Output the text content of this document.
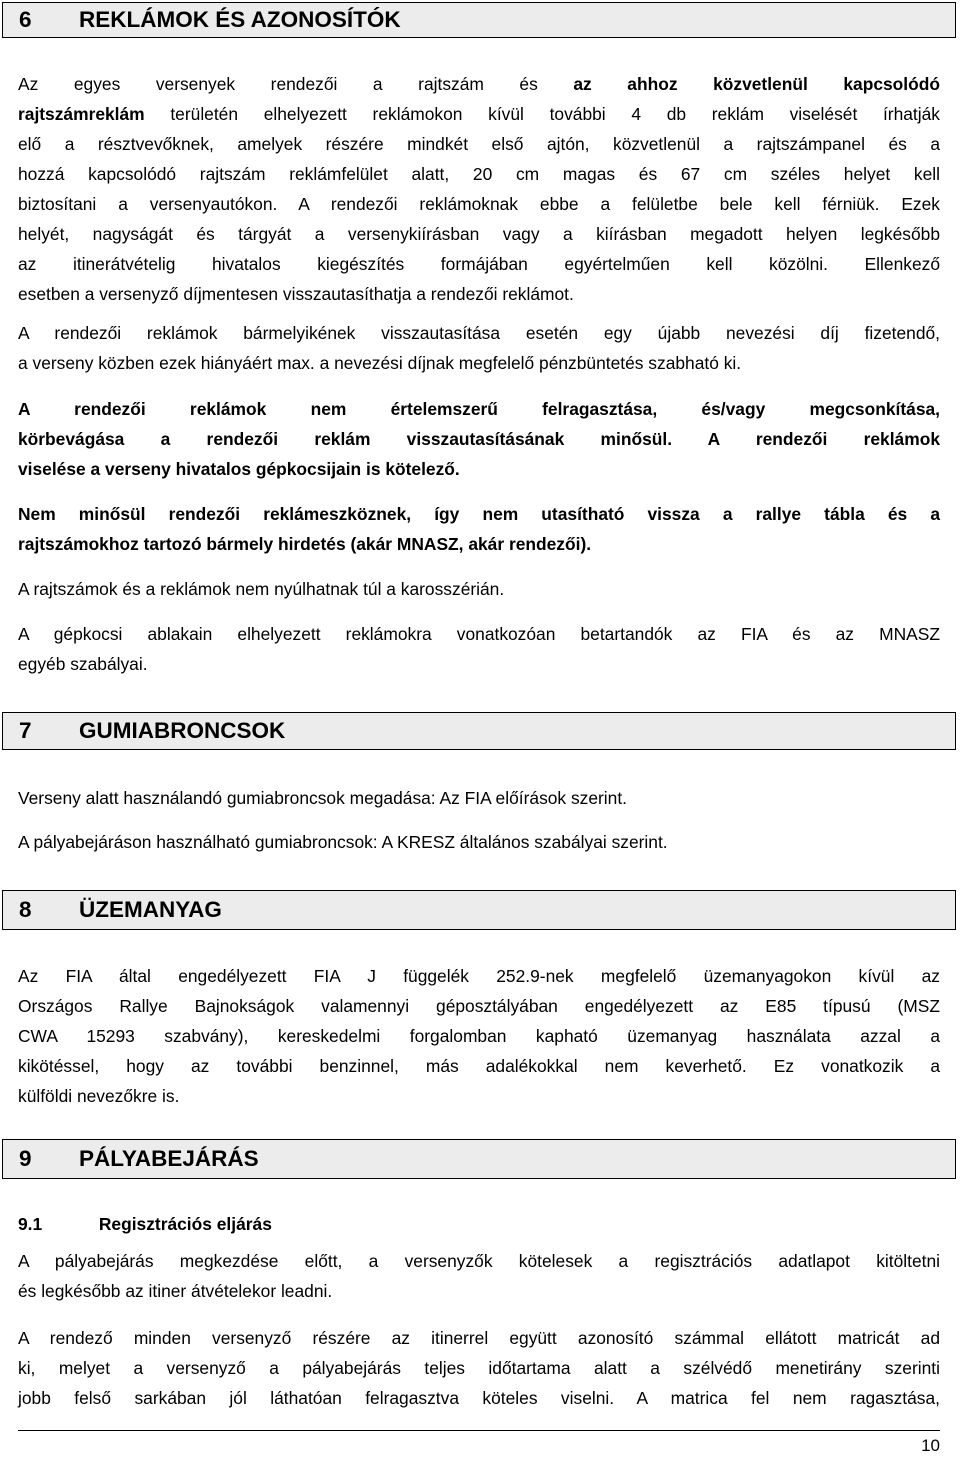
6	REKLÁMOK ÉS AZONOSÍTÓK
Az egyes versenyek rendezői a rajtszám és az ahhoz közvetlenül kapcsolódó
rajtszámreklám területén elhelyezett reklámokon kívül további 4 db reklám viselését írhatják
elő a résztvevőknek, amelyek részére mindkét első ajtón, közvetlenül a rajtszámpanel és a
hozzá kapcsolódó rajtszám reklámfelület alatt, 20 cm magas és 67 cm széles helyet kell
biztosítani a versenyautókon. A rendezői reklámoknak ebbe a felületbe bele kell férniük. Ezek
helyét, nagyságát és tárgyát a versenykiírásban vagy a kiírásban megadott helyen legkésőbb
az itinerátvételig hivatalos kiegészítés formájában egyértelműen kell közölni. Ellenkező
esetben a versenyző díjmentesen visszautasíthatja a rendezői reklámot.
A rendezői reklámok bármelyikének visszautasítása esetén egy újabb nevezési díj fizetendő,
a verseny közben ezek hiányáért max. a nevezési díjnak megfelelő pénzbüntetés szabható ki.
A rendezői reklámok nem értelemszerű felragasztása, és/vagy megcsonkítása,
körbevágása a rendezői reklám visszautasításának minősül. A rendezői reklámok
viselése a verseny hivatalos gépkocsijain is kötelező.
Nem minősül rendezői reklámeszköznek, így nem utasítható vissza a rallye tábla és a
rajtszámokhoz tartozó bármely hirdetés (akár MNASZ, akár rendezői).
A rajtszámok és a reklámok nem nyúlhatnak túl a karosszérián.
A gépkocsi ablakain elhelyezett reklámokra vonatkozóan betartandók az FIA és az MNASZ
egyéb szabályai.
7	GUMIABRONCSOK
Verseny alatt használandó gumiabroncsok megadása: Az FIA előírások szerint.
A pályabejáráson használható gumiabroncsok: A KRESZ általános szabályai szerint.
8	ÜZEMANYAG
Az FIA által engedélyezett FIA J függelék 252.9-nek megfelelő üzemanyagokon kívül az
Országos Rallye Bajnokságok valamennyi géposztályában engedélyezett az E85 típusú (MSZ
CWA 15293 szabvány), kereskedelmi forgalomban kapható üzemanyag használata azzal a
kikötéssel, hogy az további benzinnel, más adalékokkal nem keverhető. Ez vonatkozik a
külföldi nevezőkre is.
9	PÁLYABEJÁRÁS
9.1	Regisztrációs eljárás
A pályabejárás megkezdése előtt, a versenyzők kötelesek a regisztrációs adatlapot kitöltetni
és legkésőbb az itiner átvételekor leadni.
A rendező minden versenyző részére az itinerrel együtt azonosító számmal ellátott matricát ad
ki, melyet a versenyző a pályabejárás teljes időtartama alatt a szélvédő menetirány szerinti
jobb felső sarkában jól láthatóan felragasztva köteles viselni. A matrica fel nem ragasztása,
10
